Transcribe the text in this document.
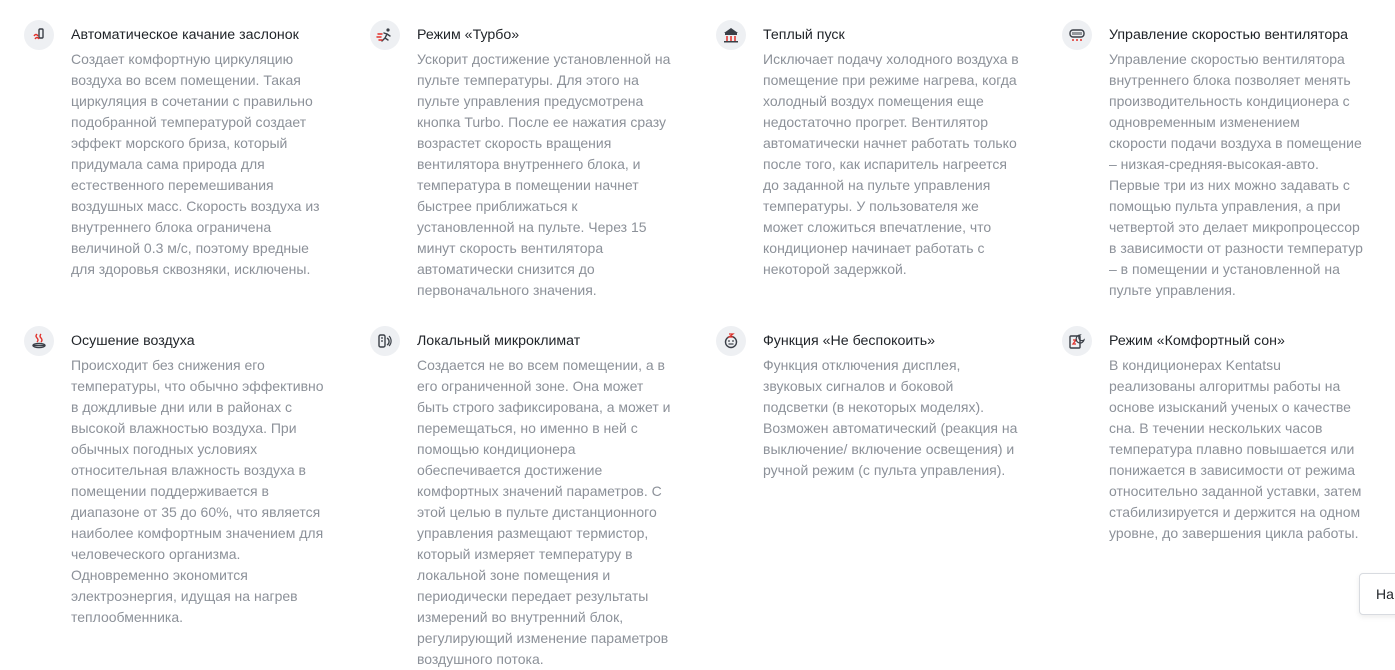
Автоматическое качание заслонок
Создает комфортную циркуляцию
воздуха во всем помещении. Такая
циркуляция в сочетании с правильно
подобранной температурой создает
эффект морского бриза, который
придумала сама природа для
естественного перемешивания
воздушных масс. Скорость воздуха из
внутреннего блока ограничена
величиной 0.3 м/с, поэтому вредные
для здоровья сквозняки, исключены.
Режим «Турбо»
Ускорит достижение установленной на
пульте температуры. Для этого на
пульте управления предусмотрена
кнопка Turbo. После ее нажатия сразу
возрастет скорость вращения
вентилятора внутреннего блока, и
температура в помещении начнет
быстрее приближаться к
установленной на пульте. Через 15
минут скорость вентилятора
автоматически снизится до
первоначального значения.
Теплый пуск
Исключает подачу холодного воздуха в
помещение при режиме нагрева, когда
холодный воздух помещения еще
недостаточно прогрет. Вентилятор
автоматически начнет работать только
после того, как испаритель нагреется
до заданной на пульте управления
температуры. У пользователя же
может сложиться впечатление, что
кондиционер начинает работать с
некоторой задержкой.
Управление скоростью вентилятора
Управление скоростью вентилятора
внутреннего блока позволяет менять
производительность кондиционера с
одновременным изменением
скорости подачи воздуха в помещение
– низкая-средняя-высокая-авто.
Первые три из них можно задавать с
помощью пульта управления, а при
четвертой это делает микропроцессор
в зависимости от разности температур
– в помещении и установленной на
пульте управления.
Осушение воздуха
Происходит без снижения его
температуры, что обычно эффективно
в дождливые дни или в районах с
высокой влажностью воздуха. При
обычных погодных условиях
относительная влажность воздуха в
помещении поддерживается в
диапазоне от 35 до 60%, что является
наиболее комфортным значением для
человеческого организма.
Одновременно экономится
электроэнергия, идущая на нагрев
теплообменника.
Локальный микроклимат
Создается не во всем помещении, а в
его ограниченной зоне. Она может
быть строго зафиксирована, а может и
перемещаться, но именно в ней с
помощью кондиционера
обеспечивается достижение
комфортных значений параметров. С
этой целью в пульте дистанционного
управления размещают термистор,
который измеряет температуру в
локальной зоне помещения и
периодически передает результаты
измерений во внутренний блок,
регулирующий изменение параметров
воздушного потока.
Функция «Не беспокоить»
Функция отключения дисплея,
звуковых сигналов и боковой
подсветки (в некоторых моделях).
Возможен автоматический (реакция на
выключение/ включение освещения) и
ручной режим (с пульта управления).
Режим «Комфортный сон»
В кондиционерах Kentatsu
реализованы алгоритмы работы на
основе изысканий ученых о качестве
сна. В течении нескольких часов
температура плавно повышается или
понижается в зависимости от режима
относительно заданной уставки, затем
стабилизируется и держится на одном
уровне, до завершения цикла работы.
На
